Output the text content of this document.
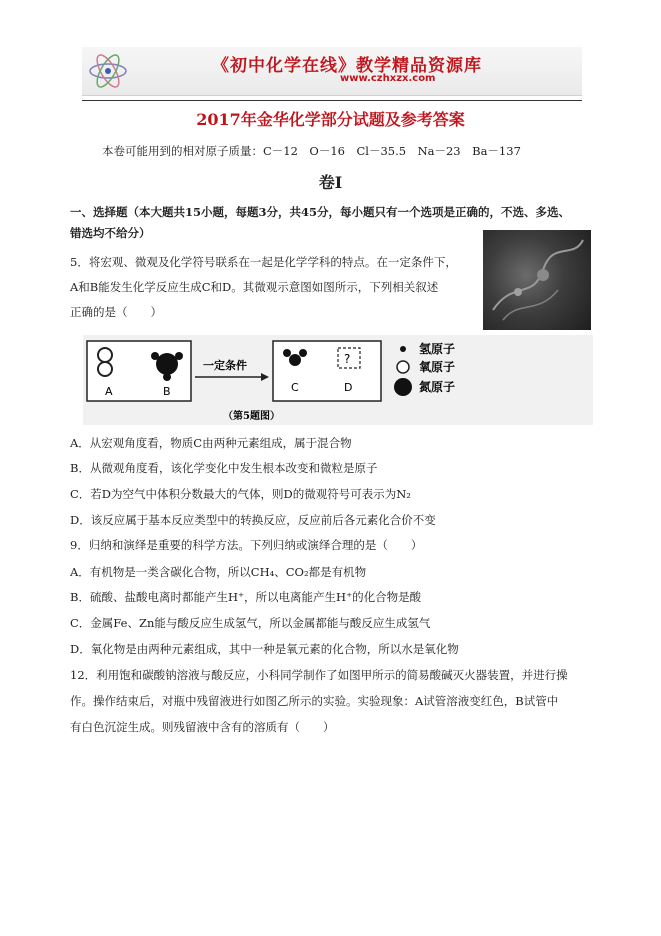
《初中化学在线》教学精品资源库
www.czhxzx.com
2017年金华化学部分试题及参考答案
本卷可能用到的相对原子质量：C－12　O－16　Cl－35.5　Na－23　Ba－137
卷Ⅰ
一、选择题（本大题共15小题，每题3分，共45分，每小题只有一个选项是正确的，不选、多选、
错选均不给分）
5．将宏观、微观及化学符号联系在一起是化学学科的特点。在一定条件下，
A和B能发生化学反应生成C和D。其微观示意图如图所示，下列相关叙述
正确的是（　　）
A	B
一定条件	?
C	D
氢原子
氧原子
氮原子
（第5题图）
A．从宏观角度看，物质C由两种元素组成，属于混合物
B．从微观角度看，该化学变化中发生根本改变和微粒是原子
C．若D为空气中体积分数最大的气体，则D的微观符号可表示为N₂
D．该反应属于基本反应类型中的转换反应，反应前后各元素化合价不变
9．归纳和演绎是重要的科学方法。下列归纳或演绎合理的是（　　）
A．有机物是一类含碳化合物，所以CH₄、CO₂都是有机物
B．硫酸、盐酸电离时都能产生H⁺，所以电离能产生H⁺的化合物是酸
C．金属Fe、Zn能与酸反应生成氢气，所以金属都能与酸反应生成氢气
D．氧化物是由两种元素组成，其中一种是氧元素的化合物，所以水是氧化物
12．利用饱和碳酸钠溶液与酸反应，小科同学制作了如图甲所示的简易酸碱灭火器装置，并进行操
作。操作结束后，对瓶中残留液进行如图乙所示的实验。实验现象：A试管溶液变红色，B试管中
有白色沉淀生成。则残留液中含有的溶质有（　　）
